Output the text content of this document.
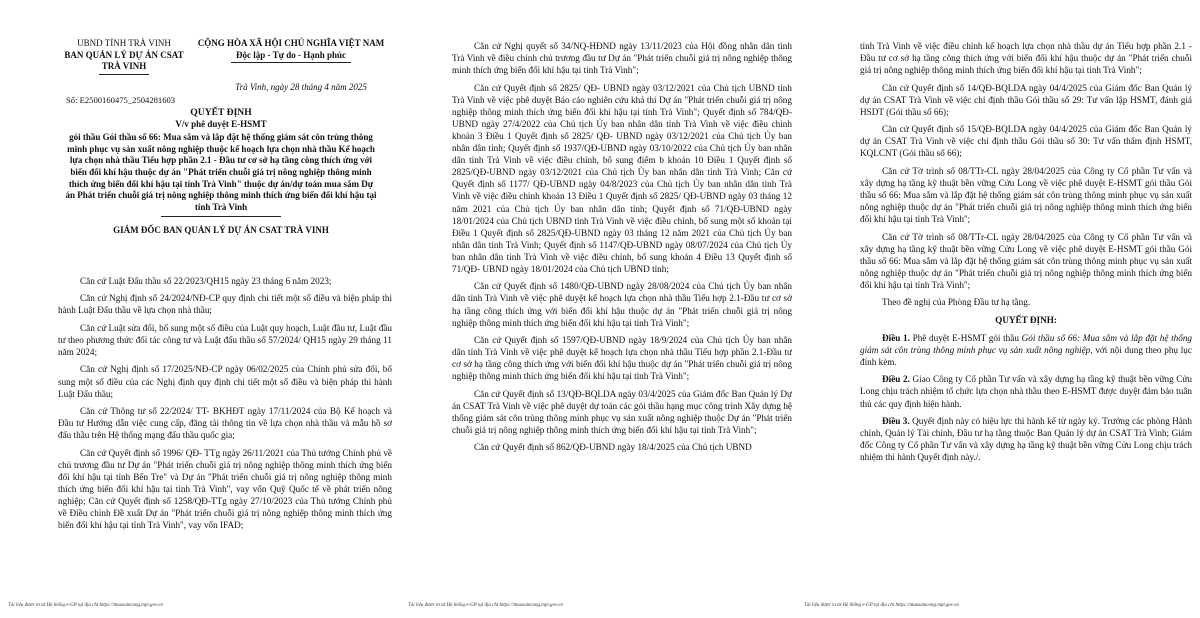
UBND TỈNH TRÀ VINH
BAN QUẢN LÝ DỰ ÁN CSAT
TRÀ VINH
CỘNG HÒA XÃ HỘI CHỦ NGHĨA VIỆT NAM
Độc lập - Tự do - Hạnh phúc
Trà Vinh, ngày 28 tháng 4 năm 2025
Số: E2500160475_2504281603
QUYẾT ĐỊNH
V/v phê duyệt E-HSMT
gói thầu Gói thầu số 66: Mua sắm và lắp đặt hệ thống giám sát côn trùng thông minh phục vụ sản xuất nông nghiệp thuộc kế hoạch lựa chọn nhà thầu Kế hoạch lựa chọn nhà thầu Tiểu hợp phần 2.1 - Đầu tư cơ sở hạ tầng công thích ứng với biến đổi khí hậu thuộc dự án "Phát triển chuỗi giá trị nông nghiệp thông minh thích ứng biến đổi khí hậu tại tỉnh Trà Vinh" thuộc dự án/dự toán mua sắm Dự án Phát triển chuỗi giá trị nông nghiệp thông minh thích ứng biến đổi khí hậu tại tỉnh Trà Vinh
GIÁM ĐỐC BAN QUẢN LÝ DỰ ÁN CSAT TRÀ VINH

Căn cứ Luật Đấu thầu số 22/2023/QH15 ngày 23 tháng 6 năm 2023;

Căn cứ Nghị định số 24/2024/NĐ-CP quy định chi tiết một số điều và biện pháp thi hành Luật Đấu thầu về lựa chọn nhà thầu;

Căn cứ Luật sửa đổi, bổ sung một số điều của Luật quy hoạch, Luật đầu tư, Luật đầu tư theo phương thức đối tác công tư và Luật đấu thầu số 57/2024/ QH15 ngày 29 tháng 11 năm 2024;

Căn cứ Nghị định số 17/2025/NĐ-CP ngày 06/02/2025 của Chính phủ sửa đổi, bổ sung một số điều của các Nghị định quy định chi tiết một số điều và biện pháp thi hành Luật Đấu thầu;

Căn cứ Thông tư số 22/2024/ TT- BKHĐT ngày 17/11/2024 của Bộ Kế hoạch và Đầu tư Hướng dẫn việc cung cấp, đăng tải thông tin về lựa chọn nhà thầu và mẫu hồ sơ đấu thầu trên Hệ thống mạng đấu thầu quốc gia;

Căn cứ Quyết định số 1996/ QĐ- TTg ngày 26/11/2021 của Thủ tướng Chính phủ về chủ trương đầu tư Dự án "Phát triển chuỗi giá trị nông nghiệp thông minh thích ứng biến đổi khí hậu tại tỉnh Bến Tre" và Dự án "Phát triển chuỗi giá trị nông nghiệp thông minh thích ứng biến đổi khí hậu tại tỉnh Trà Vinh", vay vốn Quỹ Quốc tế về phát triển nông nghiệp; Căn cứ Quyết định số 1258/QĐ-TTg ngày 27/10/2023 của Thủ tướng Chính phủ về Điều chỉnh Đề xuất Dự án "Phát triển chuỗi giá trị nông nghiệp thông minh thích ứng biến đổi khí hậu tại tỉnh Trà Vinh", vay vốn IFAD;

Tài liệu được in từ Hệ thống e-GP tại địa chỉ https://muasamcong.mpi.gov.vn

Căn cứ Nghị quyết số 34/NQ-HĐND ngày 13/11/2023 của Hội đồng nhân dân tỉnh Trà Vinh về điều chỉnh chủ trương đầu tư Dự án "Phát triển chuỗi giá trị nông nghiệp thông minh thích ứng biến đổi khí hậu tại tỉnh Trà Vinh";

Căn cứ Quyết định số 2825/ QĐ- UBND ngày 03/12/2021 của Chủ tịch UBND tỉnh Trà Vinh về việc phê duyệt Báo cáo nghiên cứu khả thi Dự án "Phát triển chuỗi giá trị nông nghiệp thông minh thích ứng biến đổi khí hậu tại tỉnh Trà Vinh"; Quyết định số 784/QĐ-UBND ngày 27/4/2022 của Chủ tịch Ủy ban nhân dân tỉnh Trà Vinh về việc điều chỉnh khoản 3 Điều 1 Quyết định số 2825/ QĐ- UBND ngày 03/12/2021 của Chủ tịch Ủy ban nhân dân tỉnh; Quyết định số 1937/QĐ-UBND ngày 03/10/2022 của Chủ tịch Ủy ban nhân dân tỉnh Trà Vinh về việc điều chỉnh, bổ sung điểm b khoản 10 Điều 1 Quyết định số 2825/QĐ-UBND ngày 03/12/2021 của Chủ tịch Ủy ban nhân dân tỉnh Trà Vinh; Căn cứ Quyết định số 1177/ QĐ-UBND ngày 04/8/2023 của Chủ tịch Ủy ban nhân dân tỉnh Trà Vinh về việc điều chỉnh khoản 13 Điều 1 Quyết định số 2825/ QĐ-UBND ngày 03 tháng 12 năm 2021 của Chủ tịch Ủy ban nhân dân tỉnh; Quyết định số 71/QĐ-UBND ngày 18/01/2024 của Chủ tịch UBND tỉnh Trà Vinh về việc điều chỉnh, bổ sung một số khoản tại Điều 1 Quyết định số 2825/QĐ-UBND ngày 03 tháng 12 năm 2021 của Chủ tịch Ủy ban nhân dân tỉnh Trà Vinh; Quyết định số 1147/QĐ-UBND ngày 08/07/2024 của Chủ tịch Ủy ban nhân dân tỉnh Trà Vinh về việc điều chỉnh, bổ sung khoản 4 Điều 13 Quyết định số 71/QĐ- UBND ngày 18/01/2024 của Chủ tịch UBND tỉnh;

Căn cứ Quyết định số 1480/QĐ-UBND ngày 28/08/2024 của Chủ tịch Ủy ban nhân dân tỉnh Trà Vinh về việc phê duyệt kế hoạch lựa chọn nhà thầu Tiểu hợp 2.1-Đầu tư cơ sở hạ tầng công thích ứng với biến đổi khí hậu thuộc dự án "Phát triển chuỗi giá trị nông nghiệp thông minh thích ứng biến đổi khí hậu tại tỉnh Trà Vinh";

Căn cứ Quyết định số 1597/QĐ-UBND ngày 18/9/2024 của Chủ tịch Ủy ban nhân dân tỉnh Trà Vinh về việc phê duyệt kế hoạch lựa chọn nhà thầu Tiểu hợp phần 2.1-Đầu tư cơ sở hạ tầng công thích ứng với biến đổi khí hậu thuộc dự án "Phát triển chuỗi giá trị nông nghiệp thông minh thích ứng biến đổi khí hậu tại tỉnh Trà Vinh";

Căn cứ Quyết định số 13/QĐ-BQLDA ngày 03/4/2025 của Giám đốc Ban Quản lý Dự án CSAT Trà Vinh về việc phê duyệt dự toán các gói thầu hạng mục công trình Xây dựng hệ thống giám sát côn trùng thông minh phục vụ sản xuất nông nghiệp thuộc Dự án "Phát triển chuỗi giá trị nông nghiệp thông minh thích ứng biến đổi khí hậu tại tỉnh Trà Vinh";

Căn cứ Quyết định số 862/QĐ-UBND ngày 18/4/2025 của Chủ tịch UBND

Tài liệu được in từ Hệ thống e-GP tại địa chỉ https://muasamcong.mpi.gov.vn

tỉnh Trà Vinh về việc điều chỉnh kế hoạch lựa chọn nhà thầu dự án Tiểu hợp phần 2.1 - Đầu tư cơ sở hạ tầng công thích ứng với biến đổi khí hậu thuộc dự án "Phát triển chuỗi giá trị nông nghiệp thông minh thích ứng biến đổi khí hậu tại tỉnh Trà Vinh";

Căn cứ Quyết định số 14/QĐ-BQLDA ngày 04/4/2025 của Giám đốc Ban Quản lý dự án CSAT Trà Vinh về việc chỉ định thầu Gói thầu số 29: Tư vấn lập HSMT, đánh giá HSDT (Gói thầu số 66);

Căn cứ Quyết định số 15/QĐ-BQLDA ngày 04/4/2025 của Giám đốc Ban Quản lý dự án CSAT Trà Vinh về việc chỉ định thầu Gói thầu số 30: Tư vấn thẩm định HSMT, KQLCNT (Gói thầu số 66);

Căn cứ Tờ trình số 08/TTr-CL ngày 28/04/2025 của Công ty Cổ phần Tư vấn và xây dựng hạ tầng kỹ thuật bền vững Cửu Long về việc phê duyệt E-HSMT gói thầu Gói thầu số 66: Mua sắm và lắp đặt hệ thống giám sát côn trùng thông minh phục vụ sản xuất nông nghiệp thuộc dự án "Phát triển chuỗi giá trị nông nghiệp thông minh thích ứng biến đổi khí hậu tại tỉnh Trà Vinh";

Căn cứ Tờ trình số 08/TTr-CL ngày 28/04/2025 của Công ty Cổ phần Tư vấn và xây dựng hạ tầng kỹ thuật bền vững Cửu Long về việc phê duyệt E-HSMT gói thầu Gói thầu số 66: Mua sắm và lắp đặt hệ thống giám sát côn trùng thông minh phục vụ sản xuất nông nghiệp thuộc dự án "Phát triển chuỗi giá trị nông nghiệp thông minh thích ứng biến đổi khí hậu tại tỉnh Trà Vinh";

Theo đề nghị của Phòng Đầu tư hạ tầng.

QUYẾT ĐỊNH:

Điều 1. Phê duyệt E-HSMT gói thầu Gói thầu số 66: Mua sắm và lắp đặt hệ thống giám sát côn trùng thông minh phục vụ sản xuất nông nghiệp, với nội dung theo phụ lục đính kèm.

Điều 2. Giao Công ty Cổ phần Tư vấn và xây dựng hạ tầng kỹ thuật bền vững Cửu Long chịu trách nhiệm tổ chức lựa chọn nhà thầu theo E-HSMT được duyệt đảm bảo tuân thủ các quy định hiện hành.

Điều 3. Quyết định này có hiệu lực thi hành kể từ ngày ký. Trưởng các phòng Hành chính, Quản lý Tài chính, Đầu tư hạ tầng thuộc Ban Quản lý dự án CSAT Trà Vinh; Giám đốc Công ty Cổ phần Tư vấn và xây dựng hạ tầng kỹ thuật bền vững Cửu Long chịu trách nhiệm thi hành Quyết định này./.

Tài liệu được in từ Hệ thống e-GP tại địa chỉ https://muasamcong.mpi.gov.vn
